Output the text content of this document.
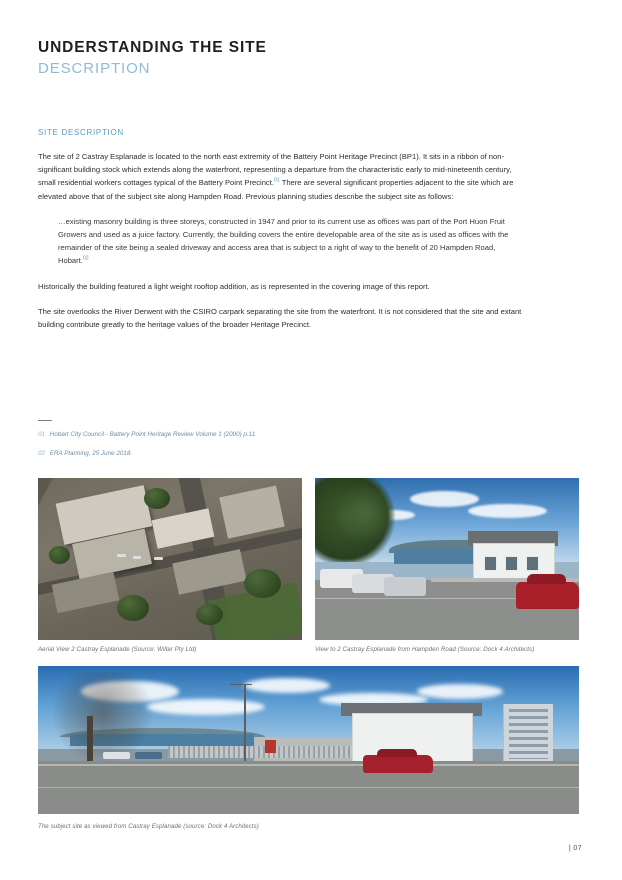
UNDERSTANDING THE SITE
DESCRIPTION
SITE DESCRIPTION

The site of 2 Castray Esplanade is located to the north east extremity of the Battery Point Heritage Precinct (BP1). It sits in a ribbon of non-significant building stock which extends along the waterfront, representing a departure from the characteristic early to mid-nineteenth century, small residential workers cottages typical of the Battery Point Precinct.$^{01}$ There are several significant properties adjacent to the site which are elevated above that of the subject site along Hampden Road. Previous planning studies describe the subject site as follows:

…existing masonry building is three storeys, constructed in 1947 and prior to its current use as offices was part of the Port Huon Fruit Growers and used as a juice factory. Currently, the building covers the entire developable area of the site as is used as offices with the remainder of the site being a sealed driveway and access area that is subject to a right of way to the benefit of 20 Hampden Road, Hobart.$^{02}$

Historically the building featured a light weight rooftop addition, as is represented in the covering image of this report.

The site overlooks the River Derwent with the CSIRO carpark separating the site from the waterfront. It is not considered that the site and extant building contribute greatly to the heritage values of the broader Heritage Precinct.

01 Hobart City Council - Battery Point Heritage Review Volume 1 (2000) p.11
02 ERA Planning, 25 June 2018.
Aerial View 2 Castray Esplanade (Source: Willar Pty Ltd)	View to 2 Castray Esplanade from Hampden Road (Source: Dock 4 Architects)
The subject site as viewed from Castray Esplanade (source: Dock 4 Architects)
| 07
